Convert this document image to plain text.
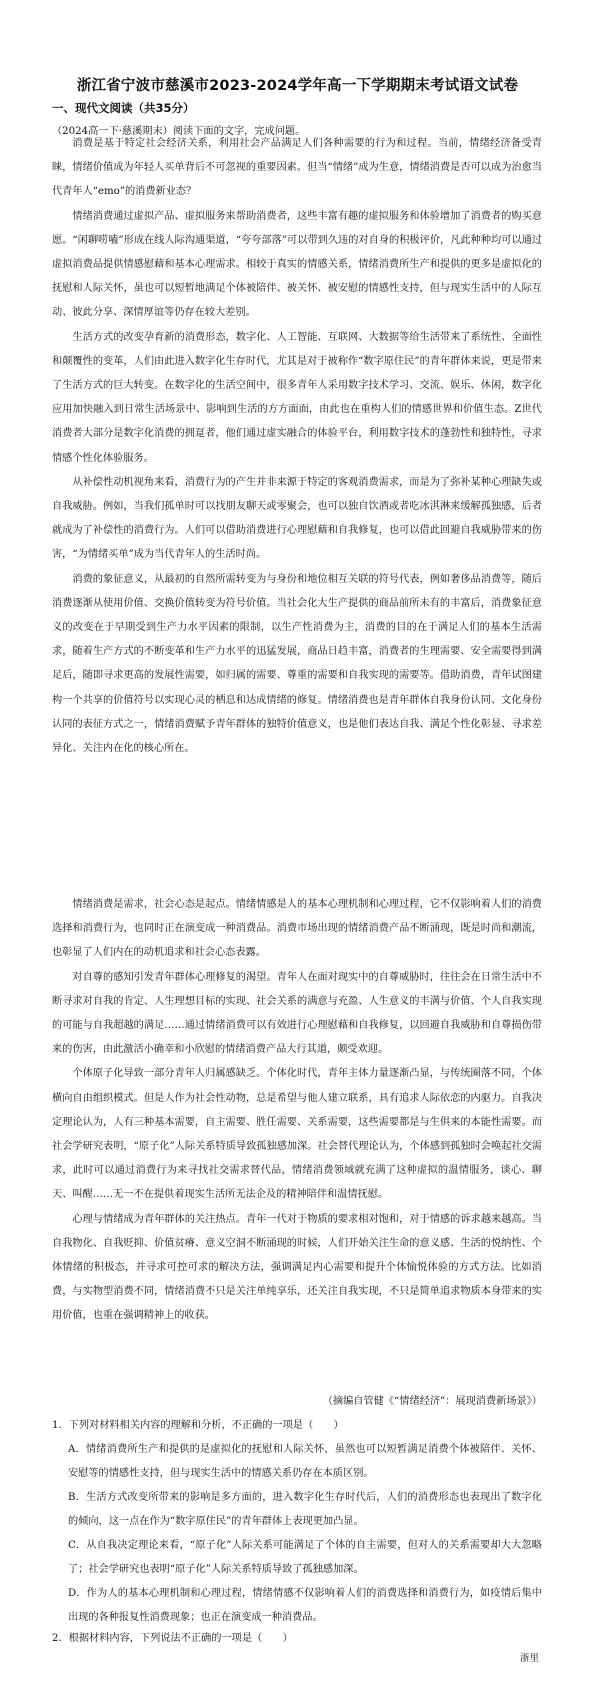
浙江省宁波市慈溪市2023-2024学年高一下学期期末考试语文试卷
一、现代文阅读（共35分）
（2024高一下·慈溪期末）阅读下面的文字，完成问题。

消费是基于特定社会经济关系，利用社会产品满足人们各种需要的行为和过程。当前，情绪经济备受青睐，情绪价值成为年轻人买单背后不可忽视的重要因素。但当“情绪”成为生意，情绪消费是否可以成为治愈当代青年人“emo”的消费新业态？

情绪消费通过虚拟产品、虚拟服务来帮助消费者，这些丰富有趣的虚拟服务和体验增加了消费者的购买意愿。“闲聊唠嗑”形成在线人际沟通渠道，“夸夸部落”可以带到久违的对自身的积极评价，凡此种种均可以通过虚拟消费品提供情感慰藉和基本心理需求。相较于真实的情感关系，情绪消费所生产和提供的更多是虚拟化的抚慰和人际关怀，虽也可以短暂地满足个体被陪伴、被关怀、被安慰的情感性支持，但与现实生活中的人际互动、彼此分享、深情厚谊等仍存在较大差别。

生活方式的改变孕育新的消费形态，数字化、人工智能、互联网、大数据等给生活带来了系统性、全面性和颠覆性的变革，人们由此进入数字化生存时代，尤其是对于被称作“数字原住民”的青年群体来说，更是带来了生活方式的巨大转变。在数字化的生活空间中，很多青年人采用数字技术学习、交流、娱乐、休闲，数字化应用加快融入到日常生活场景中、影响到生活的方方面面，由此也在重构人们的情感世界和价值生态。Z世代消费者大部分是数字化消费的拥趸者，他们通过虚实融合的体验平台，利用数字技术的蓬勃性和独特性，寻求情感个性化体验服务。

从补偿性动机视角来看，消费行为的产生并非来源于特定的客观消费需求，而是为了弥补某种心理缺失或自我威胁。例如，当我们孤单时可以找朋友聊天或零聚会，也可以独自饮酒或者吃冰淇淋来缓解孤独感，后者就成为了补偿性的消费行为。人们可以借助消费进行心理慰藉和自我修复，也可以借此回避自我威胁带来的伤害，“为情绪买单”成为当代青年人的生活时尚。

消费的象征意义，从最初的自然所需转变为与身份和地位相互关联的符号代表，例如奢侈品消费等，随后消费逐渐从使用价值、交换价值转变为符号价值。当社会化大生产提供的商品前所未有的丰富后，消费象征意义的改变在于早期受到生产力水平因素的限制，以生产性消费为主，消费的目的在于满足人们的基本生活需求，随着生产方式的不断变革和生产力水平的迅猛发展，商品日趋丰富，消费者的生理需要、安全需要得到满足后，随即寻求更高的发展性需要，如归属的需要、尊重的需要和自我实现的需要等。借助消费，青年试图建构一个共享的价值符号以实现心灵的栖息和达成情绪的修复。情绪消费也是青年群体自我身份认同、文化身份认同的表征方式之一，情绪消费赋予青年群体的独特价值意义，也是他们表达自我、满足个性化彰显、寻求差异化、关注内在化的核心所在。

情绪消费是需求，社会心态是起点。情绪情感是人的基本心理机制和心理过程，它不仅影响着人们的消费选择和消费行为，也同时正在演变成一种消费品。消费市场出现的情绪消费产品不断涌现，既是时尚和潮流，也彰显了人们内在的动机追求和社会心态表露。

对自尊的感知引发青年群体心理修复的渴望。青年人在面对现实中的自尊威胁时，往往会在日常生活中不断寻求对自我的肯定、人生理想目标的实现、社会关系的满意与充盈、人生意义的丰满与价值、个人自我实现的可能与自我超越的满足……通过情绪消费可以有效进行心理慰藉和自我修复，以回避自我威胁和自尊损伤带来的伤害，由此激活小确幸和小欣慰的情绪消费产品大行其道，颇受欢迎。

个体原子化导致一部分青年人归属感缺乏。个体化时代，青年主体力量逐渐凸显，与传统圈落不同，个体横向自由组织模式。但是人作为社会性动物，总是希望与他人建立联系，具有追求人际依恋的内驱力。自我决定理论认为，人有三种基本需要，自主需要、胜任需要、关系需要，这些需要都是与生俱来的本能性需要。而社会学研究表明，“原子化”人际关系特质导致孤独感加深。社会替代理论认为，个体感到孤独时会唤起社交需求，此时可以通过消费行为来寻找社交需求替代品，情绪消费领域就充满了这种虚拟的温情服务，谈心、聊天、叫醒……无一不在提供着现实生活所无法企及的精神陪伴和温情抚慰。

心理与情绪成为青年群体的关注热点。青年一代对于物质的要求相对饱和，对于情感的诉求越来越高。当自我物化、自我贬抑、价值贫瘠、意义空洞不断涌现的时候，人们开始关注生命的意义感、生活的悦纳性、个体情绪的积极态，并寻求可控可求的解决方法，强调满足内心需要和提升个体愉悦体验的方式方法。比如消费，与实物型消费不同，情绪消费不只是关注单纯享乐，还关注自我实现，不只是简单追求物质本身带来的实用价值，也重在强调精神上的收获。

（摘编自管健《“情绪经济”：展现消费新场景》）

1．下列对材料相关内容的理解和分析，不正确的一项是（　　）

A．情绪消费所生产和提供的是虚拟化的抚慰和人际关怀，虽然也可以短暂满足消费个体被陪伴、关怀、安慰等的情感性支持，但与现实生活中的情感关系仍存在本质区别。

B．生活方式改变所带来的影响是多方面的，进入数字化生存时代后，人们的消费形态也表现出了数字化的倾向，这一点在作为“数字原住民”的青年群体上表现更加凸显。

C．从自我决定理论来看，“原子化”人际关系可能满足了个体的自主需要，但对人的关系需要却大大忽略了；社会学研究也表明“原子化”人际关系特质导致了孤独感加深。

D．作为人的基本心理机制和心理过程，情绪情感不仅影响着人们的消费选择和消费行为，如疫情后集中出现的各种报复性消费现象；也正在演变成一种消费品。

2．根据材料内容，下列说法不正确的一项是（　　）

浙里
